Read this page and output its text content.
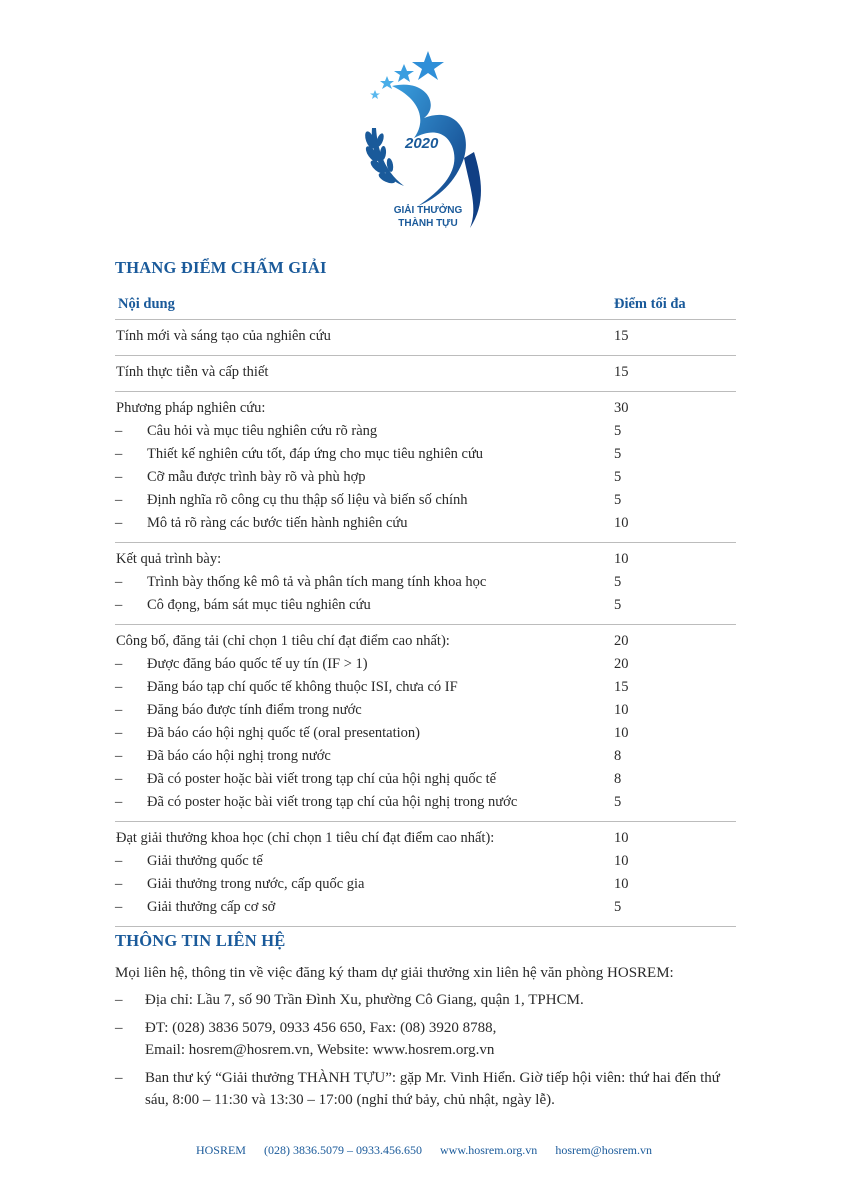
2020
GIẢI THƯỞNG
THÀNH TỰU
THANG ĐIỂM CHẤM GIẢI
Nội dung	Điểm tối đa
Tính mới và sáng tạo của nghiên cứu	15
Tính thực tiễn và cấp thiết	15
Phương pháp nghiên cứu:	30
–	Câu hỏi và mục tiêu nghiên cứu rõ ràng	5
–	Thiết kế nghiên cứu tốt, đáp ứng cho mục tiêu nghiên cứu	5
–	Cỡ mẫu được trình bày rõ và phù hợp	5
–	Định nghĩa rõ công cụ thu thập số liệu và biến số chính	5
–	Mô tả rõ ràng các bước tiến hành nghiên cứu	10
Kết quả trình bày:	10
–	Trình bày thống kê mô tả và phân tích mang tính khoa học	5
–	Cô đọng, bám sát mục tiêu nghiên cứu	5
Công bố, đăng tải (chỉ chọn 1 tiêu chí đạt điểm cao nhất):	20
–	Được đăng báo quốc tế uy tín (IF > 1)	20
–	Đăng báo tạp chí quốc tế không thuộc ISI, chưa có IF	15
–	Đăng báo được tính điểm trong nước	10
–	Đã báo cáo hội nghị quốc tế (oral presentation)	10
–	Đã báo cáo hội nghị trong nước	8
–	Đã có poster hoặc bài viết trong tạp chí của hội nghị quốc tế	8
–	Đã có poster hoặc bài viết trong tạp chí của hội nghị trong nước	5
Đạt giải thưởng khoa học (chỉ chọn 1 tiêu chí đạt điểm cao nhất):	10
–	Giải thưởng quốc tế	10
–	Giải thưởng trong nước, cấp quốc gia	10
–	Giải thưởng cấp cơ sở	5
THÔNG TIN LIÊN HỆ
Mọi liên hệ, thông tin về việc đăng ký tham dự giải thưởng xin liên hệ văn phòng HOSREM:
–	Địa chỉ: Lầu 7, số 90 Trần Đình Xu, phường Cô Giang, quận 1, TPHCM.
–	ĐT: (028) 3836 5079, 0933 456 650, Fax: (08) 3920 8788,
Email: hosrem@hosrem.vn, Website: www.hosrem.org.vn
–	Ban thư ký “Giải thưởng THÀNH TỰU”: gặp Mr. Vinh Hiển. Giờ tiếp hội viên: thứ hai đến thứ sáu, 8:00 – 11:30 và 13:30 – 17:00 (nghỉ thứ bảy, chủ nhật, ngày lễ).
HOSREM (028) 3836.5079 – 0933.456.650 www.hosrem.org.vn hosrem@hosrem.vn
